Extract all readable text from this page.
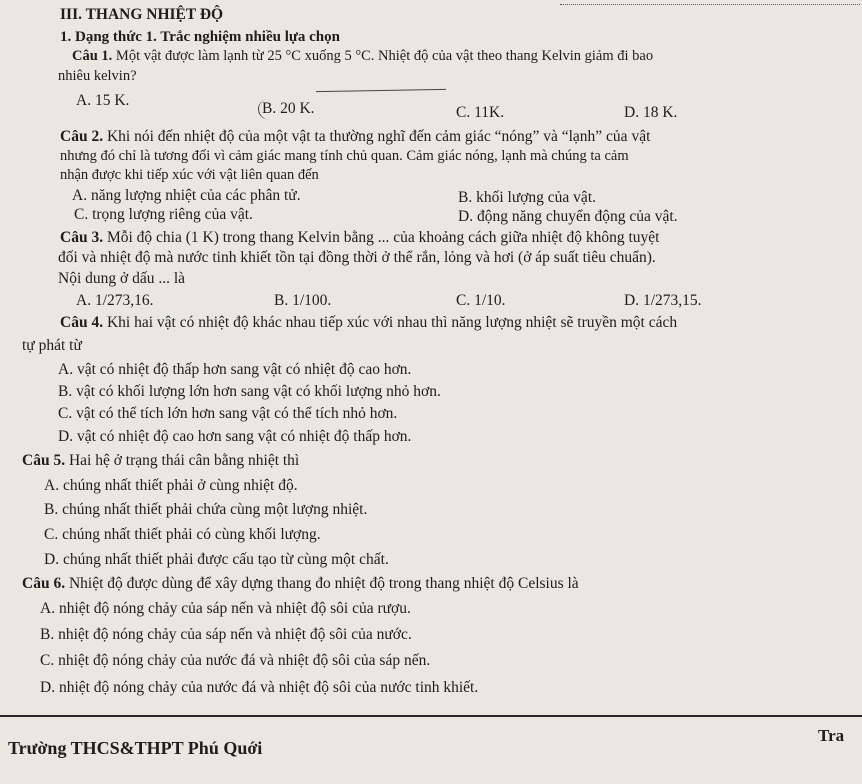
III. THANG NHIỆT ĐỘ
1. Dạng thức 1. Trắc nghiệm nhiều lựa chọn
Câu 1. Một vật được làm lạnh từ 25 °C xuống 5 °C. Nhiệt độ của vật theo thang Kelvin giảm đi bao
nhiêu kelvin?
A. 15 K.	B. 20 K.	C. 11K.	D. 18 K.
Câu 2. Khi nói đến nhiệt độ của một vật ta thường nghĩ đến cảm giác “nóng” và “lạnh” của vật
nhưng đó chỉ là tương đối vì cảm giác mang tính chủ quan. Cảm giác nóng, lạnh mà chúng ta cảm
nhận được khi tiếp xúc với vật liên quan đến
A. năng lượng nhiệt của các phân tử.	B. khối lượng của vật.
C. trọng lượng riêng của vật.	D. động năng chuyển động của vật.
Câu 3. Mỗi độ chia (1 K) trong thang Kelvin bằng ... của khoảng cách giữa nhiệt độ không tuyệt
đối và nhiệt độ mà nước tinh khiết tồn tại đồng thời ở thể rắn, lỏng và hơi (ở áp suất tiêu chuẩn).
Nội dung ở dấu ... là
A. 1/273,16.	B. 1/100.	C. 1/10.	D. 1/273,15.
Câu 4. Khi hai vật có nhiệt độ khác nhau tiếp xúc với nhau thì năng lượng nhiệt sẽ truyền một cách
tự phát từ
A. vật có nhiệt độ thấp hơn sang vật có nhiệt độ cao hơn.
B. vật có khối lượng lớn hơn sang vật có khối lượng nhỏ hơn.
C. vật có thể tích lớn hơn sang vật có thể tích nhỏ hơn.
D. vật có nhiệt độ cao hơn sang vật có nhiệt độ thấp hơn.
Câu 5. Hai hệ ở trạng thái cân bằng nhiệt thì
A. chúng nhất thiết phải ở cùng nhiệt độ.
B. chúng nhất thiết phải chứa cùng một lượng nhiệt.
C. chúng nhất thiết phải có cùng khối lượng.
D. chúng nhất thiết phải được cấu tạo từ cùng một chất.
Câu 6. Nhiệt độ được dùng để xây dựng thang đo nhiệt độ trong thang nhiệt độ Celsius là
A. nhiệt độ nóng chảy của sáp nến và nhiệt độ sôi của rượu.
B. nhiệt độ nóng chảy của sáp nến và nhiệt độ sôi của nước.
C. nhiệt độ nóng chảy của nước đá và nhiệt độ sôi của sáp nến.
D. nhiệt độ nóng chảy của nước đá và nhiệt độ sôi của nước tinh khiết.
Trường THCS&THPT Phú Quới
Tra
